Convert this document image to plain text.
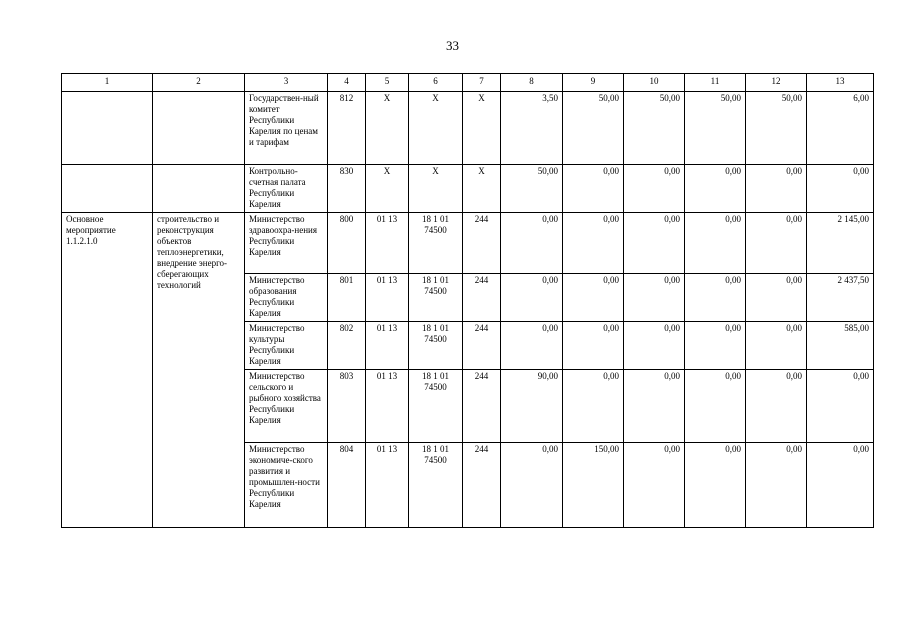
33
1	2	3	4	5	6	7	8	9	10	11	12	13
		Государствен-ный комитет Республики Карелия по ценам и тарифам	812	Х	Х	Х	3,50	50,00	50,00	50,00	50,00	6,00
		Контрольно-счетная палата Республики Карелия	830	Х	Х	Х	50,00	0,00	0,00	0,00	0,00	0,00
Основное мероприятие 1.1.2.1.0	строительство и реконструкция объектов теплоэнергетики, внедрение энерго-сберегающих технологий	Министерство здравоохра-нения Республики Карелия	800	01 13	18 1 01 74500	244	0,00	0,00	0,00	0,00	0,00	2 145,00
		Министерство образования Республики Карелия	801	01 13	18 1 01 74500	244	0,00	0,00	0,00	0,00	0,00	2 437,50
		Министерство культуры Республики Карелия	802	01 13	18 1 01 74500	244	0,00	0,00	0,00	0,00	0,00	585,00
		Министерство сельского и рыбного хозяйства Республики Карелия	803	01 13	18 1 01 74500	244	90,00	0,00	0,00	0,00	0,00	0,00
		Министерство экономиче-ского развития и промышлен-ности Республики Карелия	804	01 13	18 1 01 74500	244	0,00	150,00	0,00	0,00	0,00	0,00
